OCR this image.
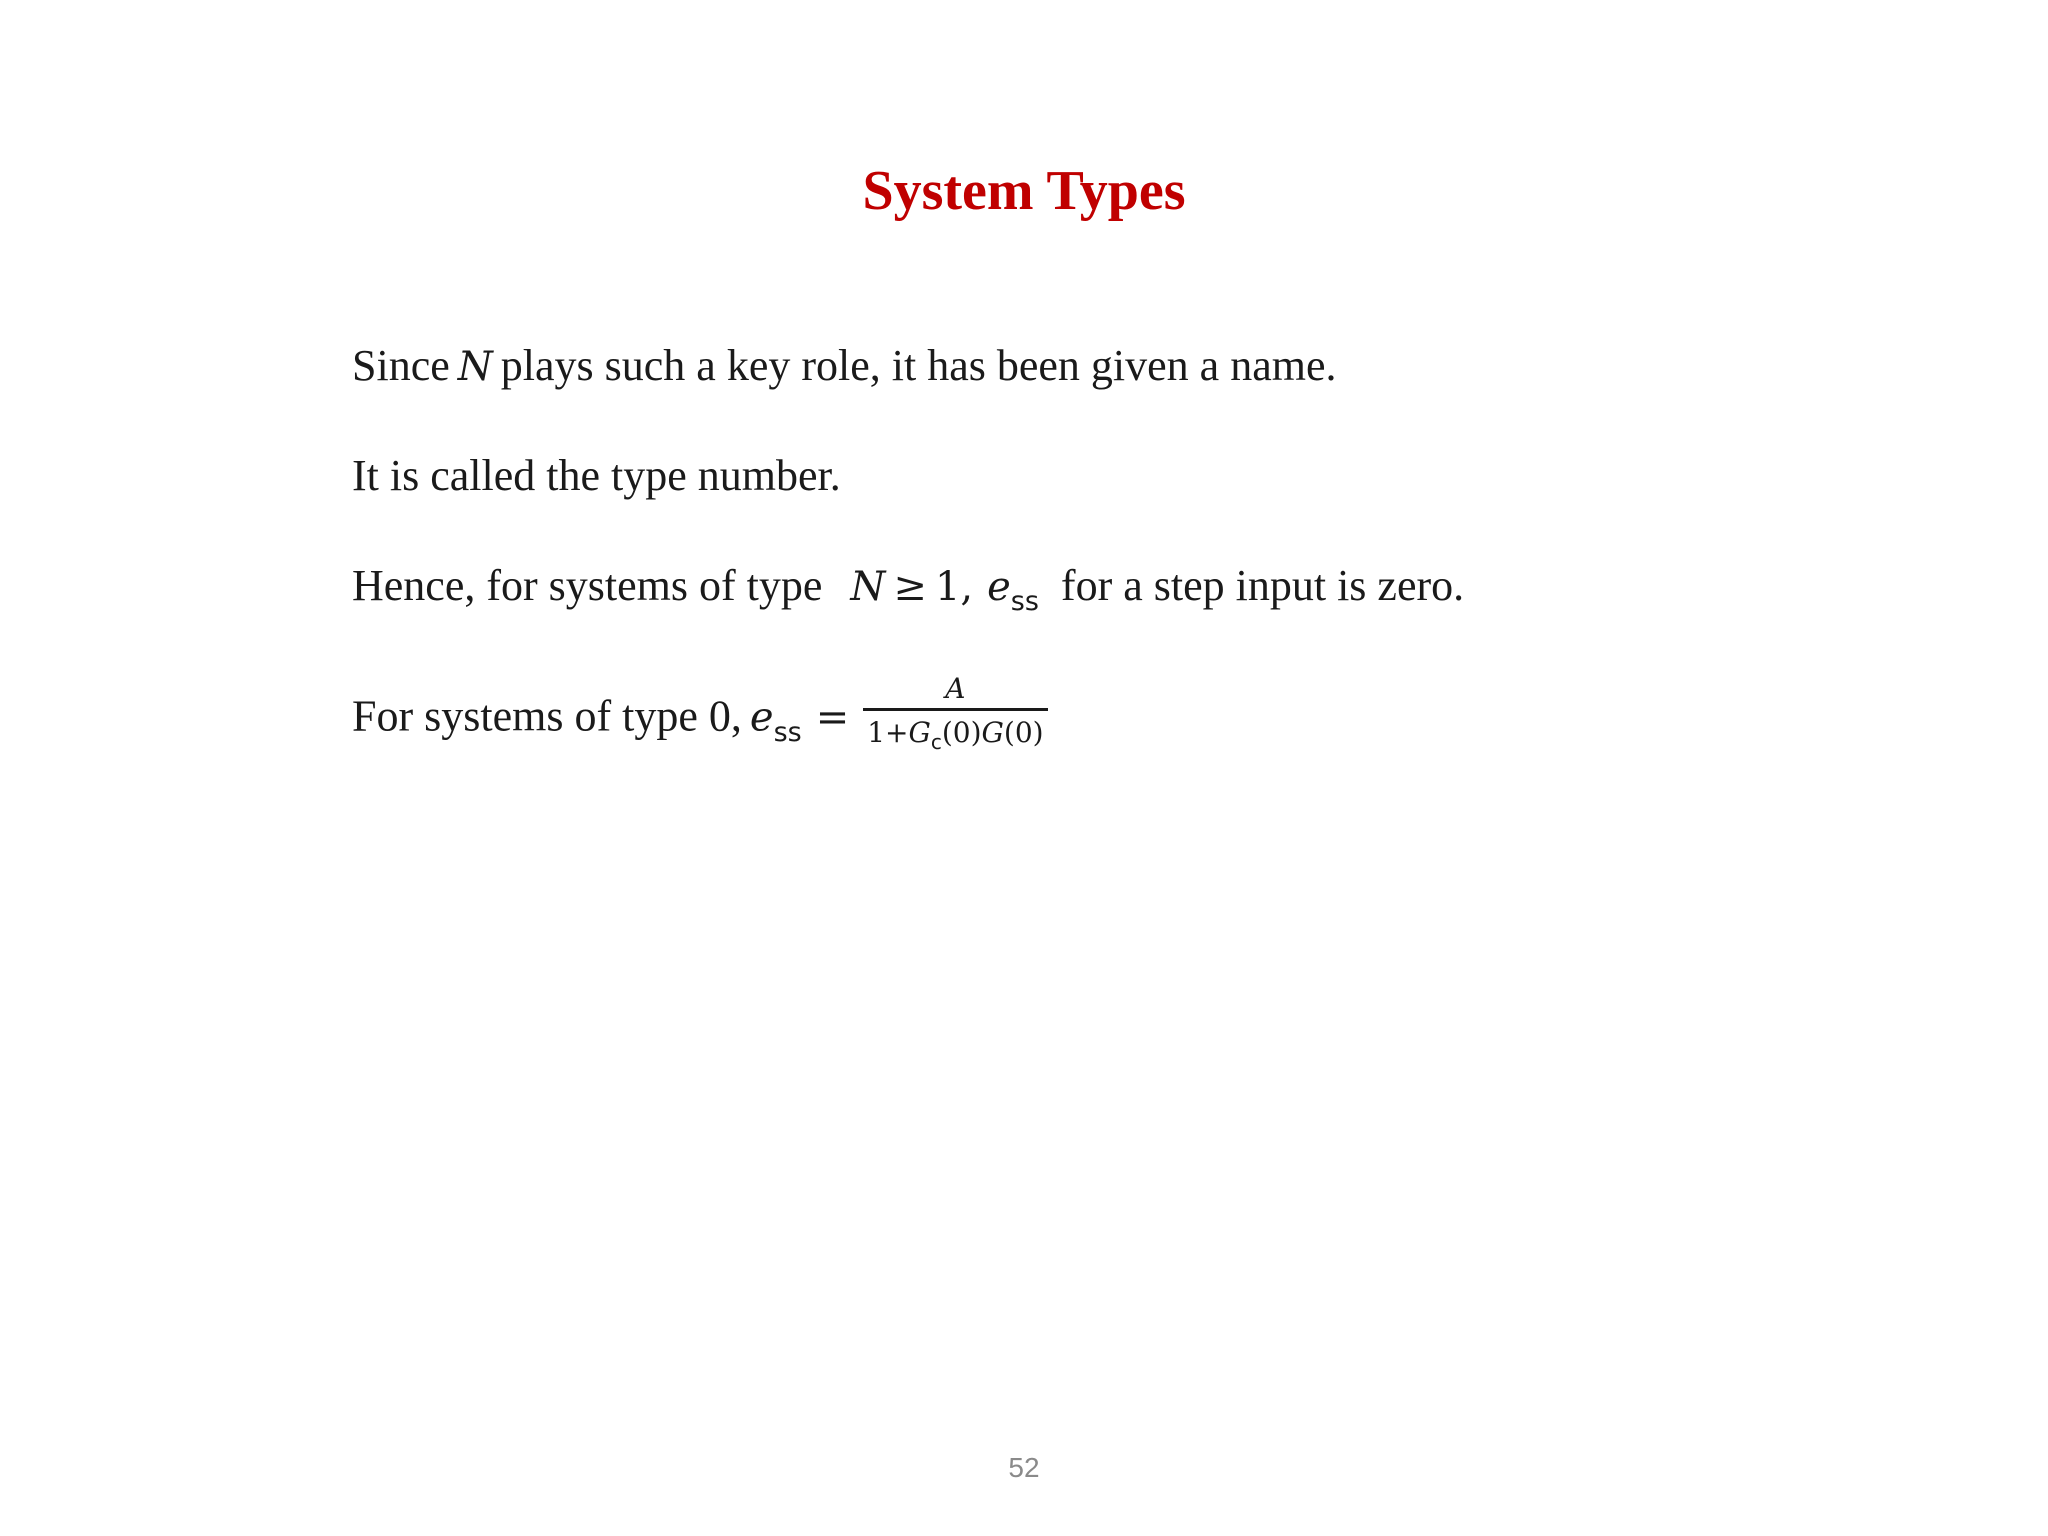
System Types
Since N plays such a key role, it has been given a name.
It is called the type number.
Hence, for systems of type N ≥ 1, $e_{ss}$ for a step input is zero.
For systems of type 0, $e_{ss} = \frac{A}{1+G_c(0)G(0)}$
52
